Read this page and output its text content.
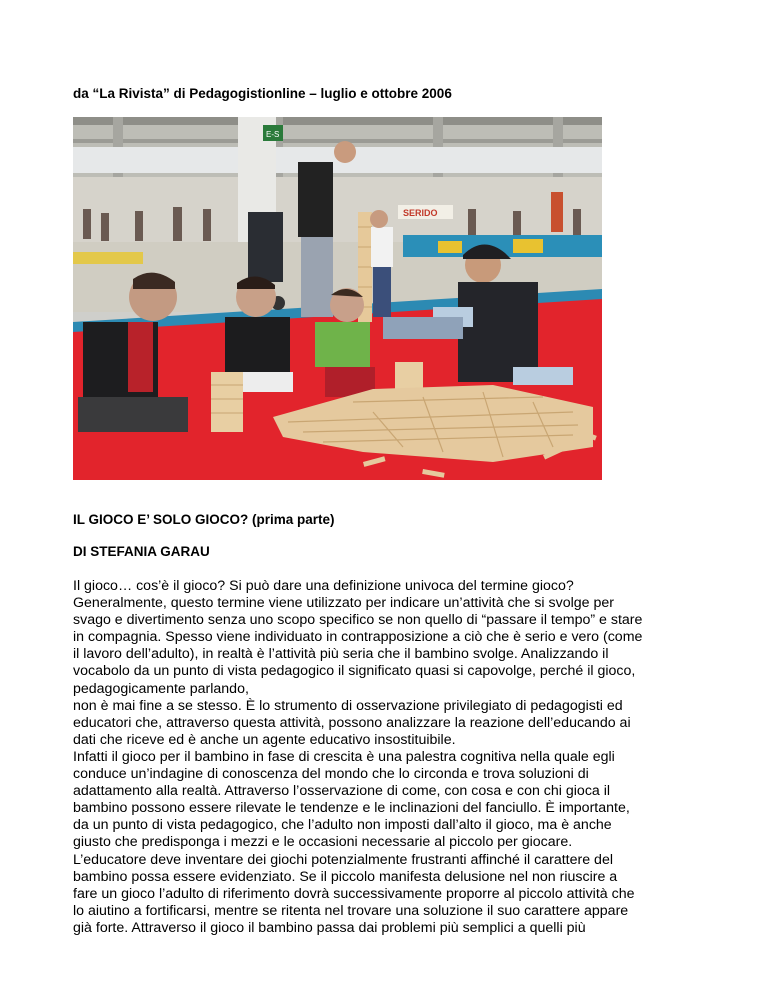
da “La Rivista” di Pedagogistionline – luglio e ottobre 2006
E-S
SERIDO
IL GIOCO E’ SOLO GIOCO? (prima parte)
DI STEFANIA GARAU
Il gioco… cos’è il gioco? Si può dare una definizione univoca del termine gioco?
Generalmente, questo termine viene utilizzato per indicare un’attività che si svolge per
svago e divertimento senza uno scopo specifico se non quello di “passare il tempo” e stare
in compagnia. Spesso viene individuato in contrapposizione a ciò che è serio e vero (come
il lavoro dell’adulto), in realtà è l’attività più seria che il bambino svolge. Analizzando il
vocabolo da un punto di vista pedagogico il significato quasi si capovolge, perché il gioco,
pedagogicamente parlando,
non è mai fine a se stesso. È lo strumento di osservazione privilegiato di pedagogisti ed
educatori che, attraverso questa attività, possono analizzare la reazione dell’educando ai
dati che riceve ed è anche un agente educativo insostituibile.
Infatti il gioco per il bambino in fase di crescita è una palestra cognitiva nella quale egli
conduce un’indagine di conoscenza del mondo che lo circonda e trova soluzioni di
adattamento alla realtà. Attraverso l’osservazione di come, con cosa e con chi gioca il
bambino possono essere rilevate le tendenze e le inclinazioni del fanciullo. È importante,
da un punto di vista pedagogico, che l’adulto non imposti dall’alto il gioco, ma è anche
giusto che predisponga i mezzi e le occasioni necessarie al piccolo per giocare.
L’educatore deve inventare dei giochi potenzialmente frustranti affinché il carattere del
bambino possa essere evidenziato. Se il piccolo manifesta delusione nel non riuscire a
fare un gioco l’adulto di riferimento dovrà successivamente proporre al piccolo attività che
lo aiutino a fortificarsi, mentre se ritenta nel trovare una soluzione il suo carattere appare
già forte. Attraverso il gioco il bambino passa dai problemi più semplici a quelli più
